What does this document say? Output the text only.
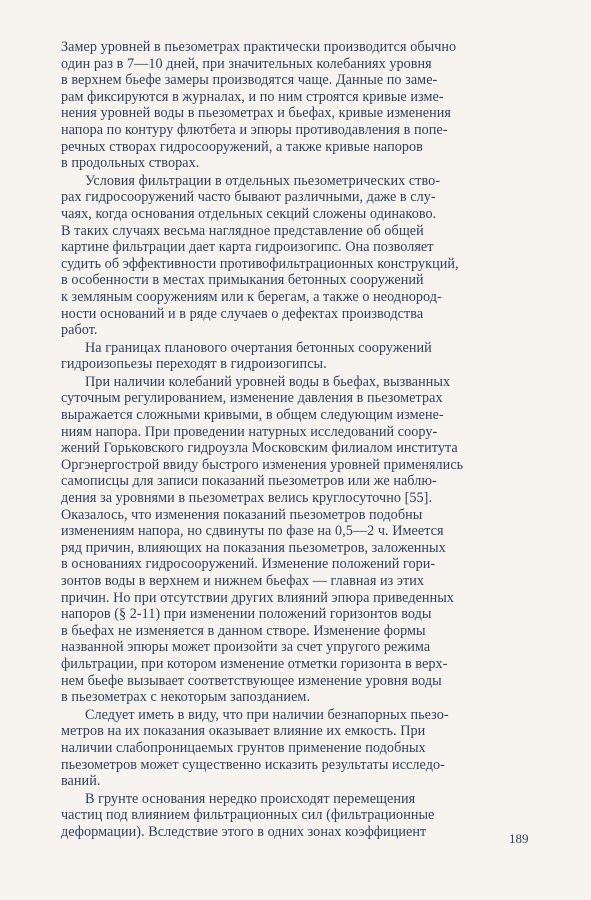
Замер уровней в пьезометрах практически производится обычно
один раз в 7—10 дней, при значительных колебаниях уровня
в верхнем бьефе замеры производятся чаще. Данные по заме-
рам фиксируются в журналах, и по ним строятся кривые измe-
нения уровней воды в пьезометрах и бьефах, кривые изменения
напора по контуру флютбета и эпюры противодавления в попе-
речных створах гидросооружений, а также кривые напоров
в продольных створах.

Условия фильтрации в отдельных пьезометрических ство-
рах гидросооружений часто бывают различными, даже в слу-
чаях, когда основания отдельных секций сложены одинаково.
В таких случаях весьма наглядное представление об общей
картине фильтрации дает карта гидроизогипс. Она позволяет
судить об эффективности противофильтрационных конструкций,
в особенности в местах примыкания бетонных сооружений
к земляным сооружениям или к берегам, а также о неоднород-
ности оснований и в ряде случаев о дефектах производства
работ.

На границах планового очертания бетонных сооружений
гидроизопьезы переходят в гидроизогипсы.

При наличии колебаний уровней воды в бьефах, вызванных
суточным регулированием, изменение давления в пьезометрах
выражается сложными кривыми, в общем следующим измене-
ниям напора. При проведении натурных исследований соору-
жений Горьковского гидроузла Московским филиалом института
Оргэнергострой ввиду быстрого изменения уровней применялись
самописцы для записи показаний пьезометров или же наблю-
дения за уровнями в пьезометрах велись круглосуточно [55].
Оказалось, что изменения показаний пьезометров подобны
изменениям напора, но сдвинуты по фазе на 0,5—2 ч. Имеется
ряд причин, влияющих на показания пьезометров, заложенных
в основаниях гидросооружений. Изменение положений гори-
зонтов воды в верхнем и нижнем бьефах — главная из этих
причин. Но при отсутствии других влияний эпюра приведенных
напоров (§ 2-11) при изменении положений горизонтов воды
в бьефах не изменяется в данном створе. Изменение формы
названной эпюры может произойти за счет упругого режима
фильтрации, при котором изменение отметки горизонта в верх-
нем бьефе вызывает соответствующее изменение уровня воды
в пьезометрах с некоторым запозданием.

Следует иметь в виду, что при наличии безнапорных пьезо-
метров на их показания оказывает влияние их емкость. При
наличии слабопроницаемых грунтов применение подобных
пьезометров может существенно исказить результаты исследо-
ваний.

В грунте основания нередко происходят перемещения
частиц под влиянием фильтрационных сил (фильтрационные
деформации). Вследствие этого в одних зонах коэффициент	189
